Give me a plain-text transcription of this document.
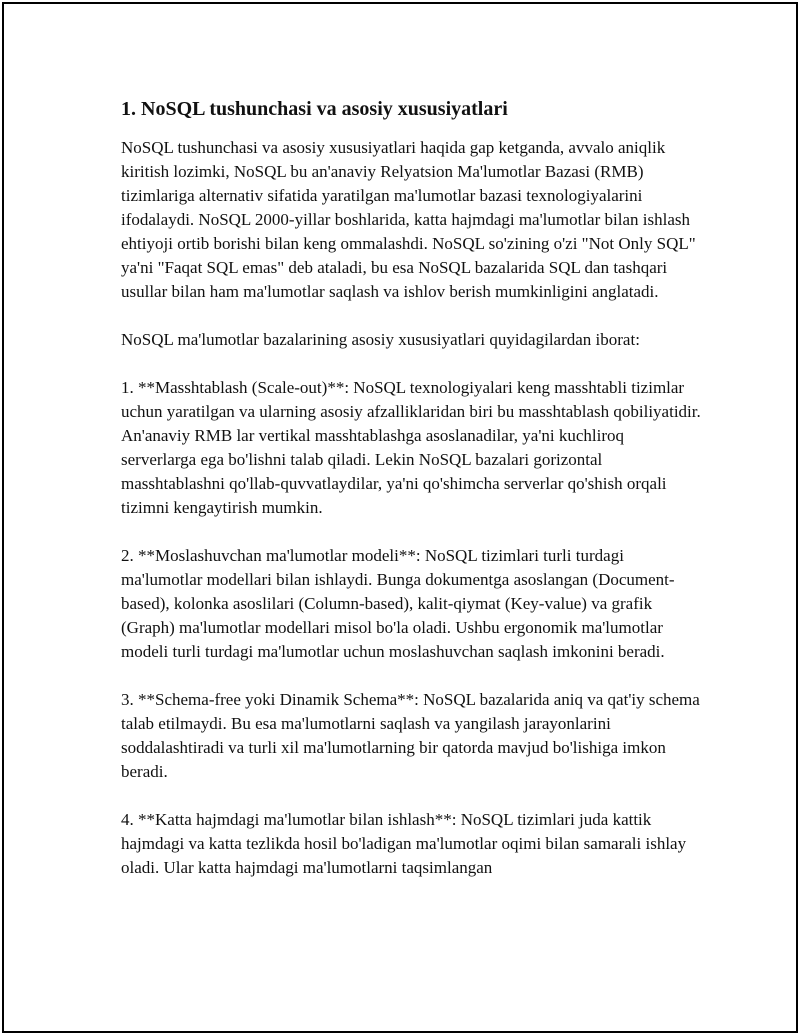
1. NoSQL tushunchasi va asosiy xususiyatlari

NoSQL tushunchasi va asosiy xususiyatlari haqida gap ketganda, avvalo aniqlik kiritish lozimki, NoSQL bu an'anaviy Relyatsion Ma'lumotlar Bazasi (RMB) tizimlariga alternativ sifatida yaratilgan ma'lumotlar bazasi texnologiyalarini ifodalaydi. NoSQL 2000-yillar boshlarida, katta hajmdagi ma'lumotlar bilan ishlash ehtiyoji ortib borishi bilan keng ommalashdi. NoSQL so'zining o'zi "Not Only SQL" ya'ni "Faqat SQL emas" deb ataladi, bu esa NoSQL bazalarida SQL dan tashqari usullar bilan ham ma'lumotlar saqlash va ishlov berish mumkinligini anglatadi.

NoSQL ma'lumotlar bazalarining asosiy xususiyatlari quyidagilardan iborat:

1. **Masshtablash (Scale-out)**: NoSQL texnologiyalari keng masshtabli tizimlar uchun yaratilgan va ularning asosiy afzalliklaridan biri bu masshtablash qobiliyatidir. An'anaviy RMB lar vertikal masshtablashga asoslanadilar, ya'ni kuchliroq serverlarga ega bo'lishni talab qiladi. Lekin NoSQL bazalari gorizontal masshtablashni qo'llab-quvvatlaydilar, ya'ni qo'shimcha serverlar qo'shish orqali tizimni kengaytirish mumkin.

2. **Moslashuvchan ma'lumotlar modeli**: NoSQL tizimlari turli turdagi ma'lumotlar modellari bilan ishlaydi. Bunga dokumentga asoslangan (Document-based), kolonka asoslilari (Column-based), kalit-qiymat (Key-value) va grafik (Graph) ma'lumotlar modellari misol bo'la oladi. Ushbu ergonomik ma'lumotlar modeli turli turdagi ma'lumotlar uchun moslashuvchan saqlash imkonini beradi.

3. **Schema-free yoki Dinamik Schema**: NoSQL bazalarida aniq va qat'iy schema talab etilmaydi. Bu esa ma'lumotlarni saqlash va yangilash jarayonlarini soddalashtiradi va turli xil ma'lumotlarning bir qatorda mavjud bo'lishiga imkon beradi.

4. **Katta hajmdagi ma'lumotlar bilan ishlash**: NoSQL tizimlari juda kattik hajmdagi va katta tezlikda hosil bo'ladigan ma'lumotlar oqimi bilan samarali ishlay oladi. Ular katta hajmdagi ma'lumotlarni taqsimlangan
